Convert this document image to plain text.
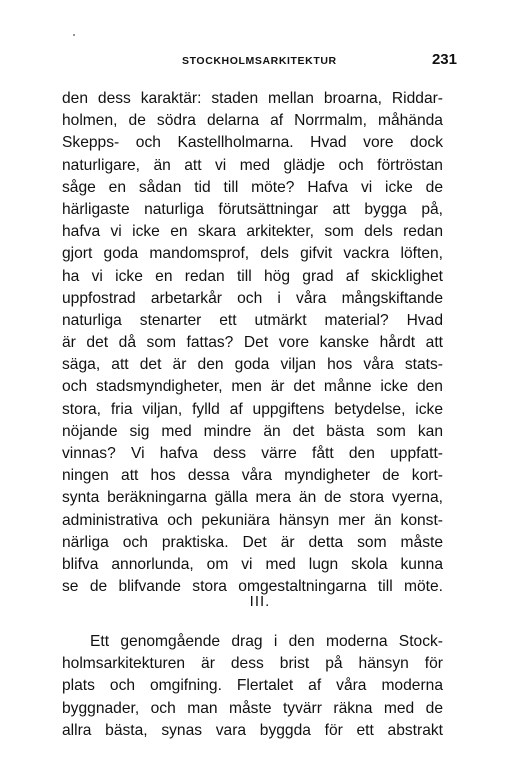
STOCKHOLMSARKITEKTUR	231
den dess karaktär: staden mellan broarna, Riddar-
holmen, de södra delarna af Norrmalm, måhända
Skepps- och Kastellholmarna. Hvad vore dock
naturligare, än att vi med glädje och förtröstan
såge en sådan tid till möte? Hafva vi icke de
härligaste naturliga förutsättningar att bygga på,
hafva vi icke en skara arkitekter, som dels redan
gjort goda mandomsprof, dels gifvit vackra löften,
ha vi icke en redan till hög grad af skicklighet
uppfostrad arbetarkår och i våra mångskiftande
naturliga stenarter ett utmärkt material? Hvad
är det då som fattas? Det vore kanske hårdt att
säga, att det är den goda viljan hos våra stats-
och stadsmyndigheter, men är det månne icke den
stora, fria viljan, fylld af uppgiftens betydelse, icke
nöjande sig med mindre än det bästa som kan
vinnas? Vi hafva dess värre fått den uppfatt-
ningen att hos dessa våra myndigheter de kort-
synta beräkningarna gälla mera än de stora vyerna,
administrativa och pekuniära hänsyn mer än konst-
närliga och praktiska. Det är detta som måste
blifva annorlunda, om vi med lugn skola kunna
se de blifvande stora omgestaltningarna till möte.
III.
Ett genomgående drag i den moderna Stock-
holmsarkitekturen är dess brist på hänsyn för
plats och omgifning. Flertalet af våra moderna
byggnader, och man måste tyvärr räkna med de
allra bästa, synas vara byggda för ett abstrakt
